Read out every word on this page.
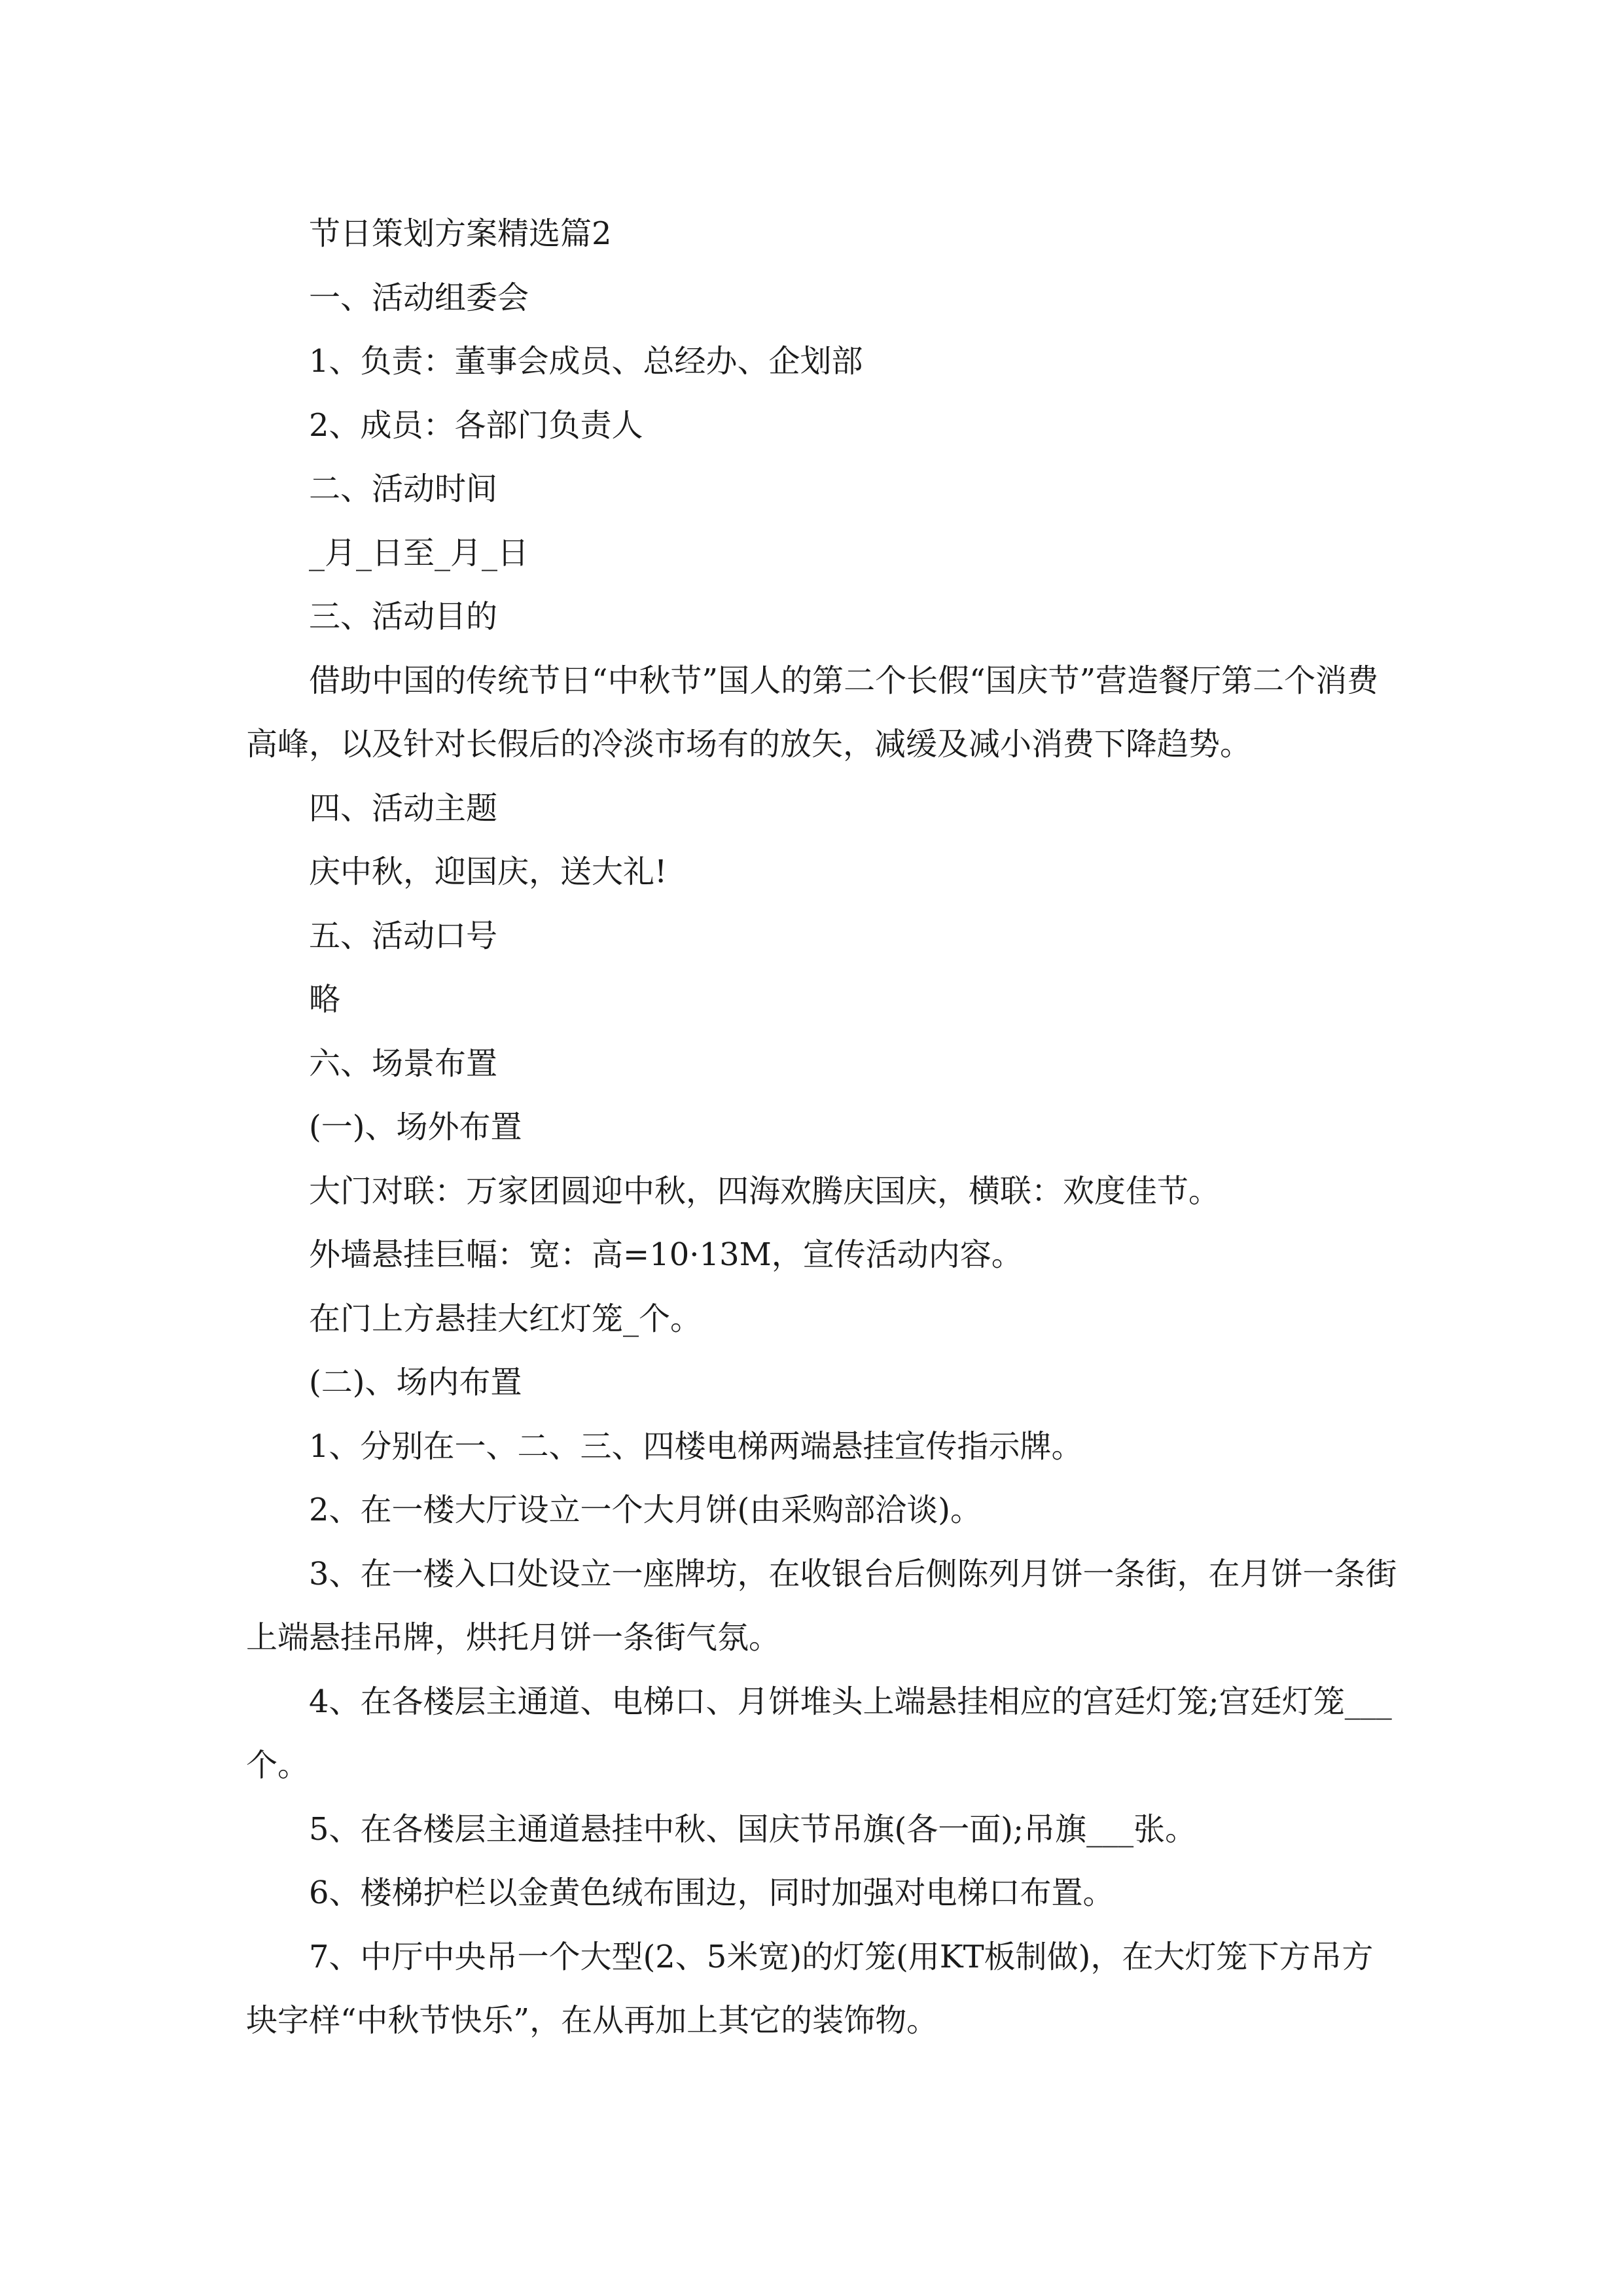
节日策划方案精选篇2

一、活动组委会

1、负责：董事会成员、总经办、企划部

2、成员：各部门负责人

二、活动时间

_月_日至_月_日

三、活动目的

借助中国的传统节日“中秋节”国人的第二个长假“国庆节”营造餐厅第二个消费高峰，以及针对长假后的冷淡市场有的放矢，减缓及减小消费下降趋势。

四、活动主题

庆中秋，迎国庆，送大礼!

五、活动口号

略

六、场景布置

(一)、场外布置

大门对联：万家团圆迎中秋，四海欢腾庆国庆，横联：欢度佳节。

外墙悬挂巨幅：宽：高=10·13M，宣传活动内容。

在门上方悬挂大红灯笼_个。

(二)、场内布置

1、分别在一、二、三、四楼电梯两端悬挂宣传指示牌。

2、在一楼大厅设立一个大月饼(由采购部洽谈)。

3、在一楼入口处设立一座牌坊，在收银台后侧陈列月饼一条街，在月饼一条街上端悬挂吊牌，烘托月饼一条街气氛。

4、在各楼层主通道、电梯口、月饼堆头上端悬挂相应的宫廷灯笼;宫廷灯笼___个。

5、在各楼层主通道悬挂中秋、国庆节吊旗(各一面);吊旗___张。

6、楼梯护栏以金黄色绒布围边，同时加强对电梯口布置。

7、中厅中央吊一个大型(2、5米宽)的灯笼(用KT板制做)，在大灯笼下方吊方块字样“中秋节快乐”，在从再加上其它的装饰物。
